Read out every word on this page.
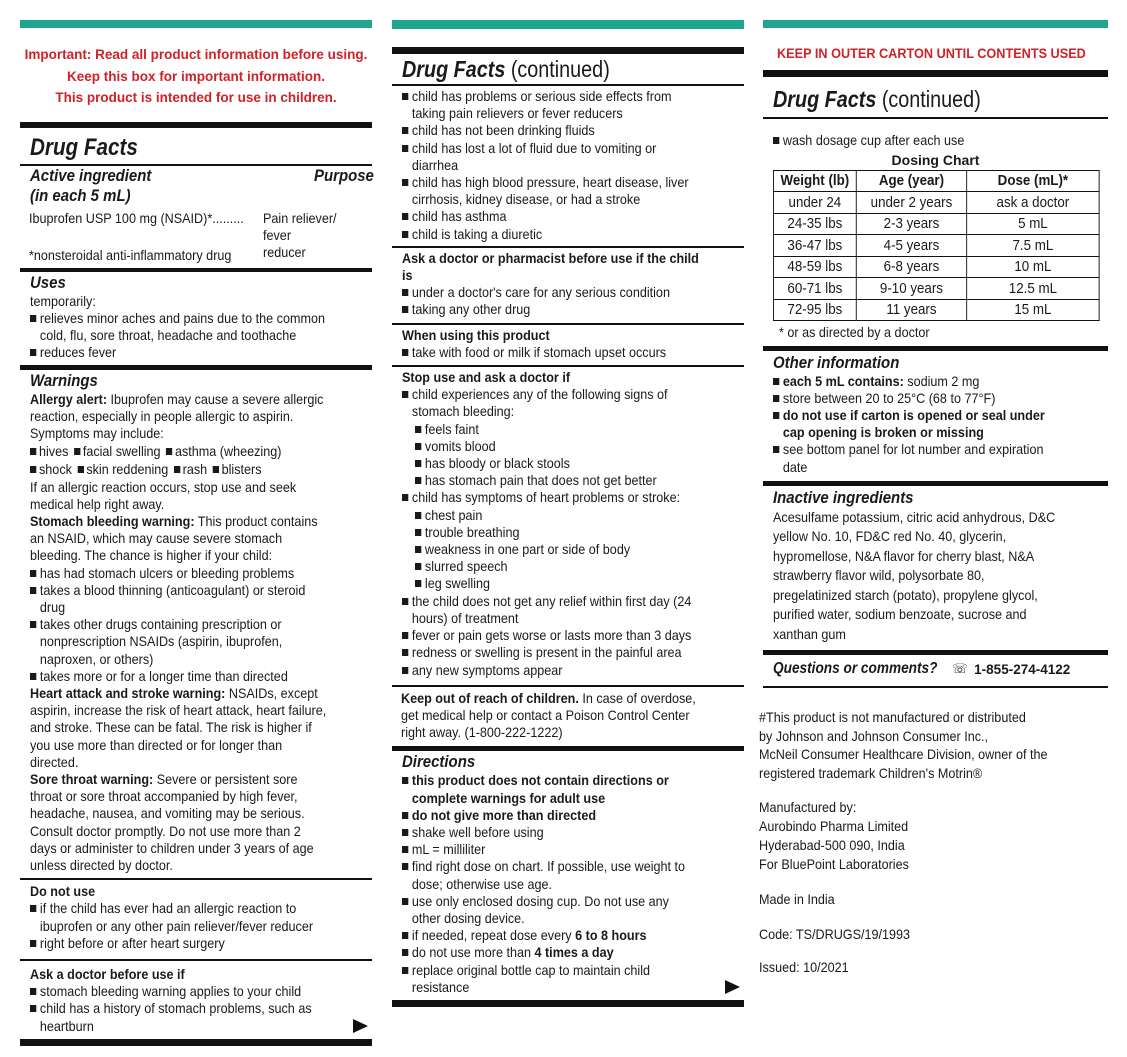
Important: Read all product information before using.
Keep this box for important information.
This product is intended for use in children.
Drug Facts
Active ingredient
(in each 5 mL)
Purpose
Ibuprofen USP 100 mg (NSAID)*......... Pain reliever/
fever reducer
*nonsteroidal anti-inflammatory drug
Uses
temporarily:
relieves minor aches and pains due to the common cold, flu, sore throat, headache and toothache
reduces fever
Warnings
Allergy alert: Ibuprofen may cause a severe allergic reaction, especially in people allergic to aspirin. Symptoms may include:
hives facial swelling asthma (wheezing)
shock skin reddening rash blisters
If an allergic reaction occurs, stop use and seek medical help right away.
Stomach bleeding warning: This product contains an NSAID, which may cause severe stomach bleeding. The chance is higher if your child:
has had stomach ulcers or bleeding problems
takes a blood thinning (anticoagulant) or steroid drug
takes other drugs containing prescription or nonprescription NSAIDs (aspirin, ibuprofen, naproxen, or others)
takes more or for a longer time than directed
Heart attack and stroke warning: NSAIDs, except aspirin, increase the risk of heart attack, heart failure, and stroke. These can be fatal. The risk is higher if you use more than directed or for longer than directed.
Sore throat warning: Severe or persistent sore throat or sore throat accompanied by high fever, headache, nausea, and vomiting may be serious. Consult doctor promptly. Do not use more than 2 days or administer to children under 3 years of age unless directed by doctor.
Do not use
if the child has ever had an allergic reaction to ibuprofen or any other pain reliever/fever reducer
right before or after heart surgery
Ask a doctor before use if
stomach bleeding warning applies to your child
child has a history of stomach problems, such as heartburn
Drug Facts (continued)
child has problems or serious side effects from taking pain relievers or fever reducers
child has not been drinking fluids
child has lost a lot of fluid due to vomiting or diarrhea
child has high blood pressure, heart disease, liver cirrhosis, kidney disease, or had a stroke
child has asthma
child is taking a diuretic
Ask a doctor or pharmacist before use if the child is
under a doctor's care for any serious condition
taking any other drug
When using this product
take with food or milk if stomach upset occurs
Stop use and ask a doctor if
child experiences any of the following signs of stomach bleeding:
feels faint
vomits blood
has bloody or black stools
has stomach pain that does not get better
child has symptoms of heart problems or stroke:
chest pain
trouble breathing
weakness in one part or side of body
slurred speech
leg swelling
the child does not get any relief within first day (24 hours) of treatment
fever or pain gets worse or lasts more than 3 days
redness or swelling is present in the painful area
any new symptoms appear
Keep out of reach of children. In case of overdose, get medical help or contact a Poison Control Center right away. (1-800-222-1222)
Directions
this product does not contain directions or complete warnings for adult use
do not give more than directed
shake well before using
mL = milliliter
find right dose on chart. If possible, use weight to dose; otherwise use age.
use only enclosed dosing cup. Do not use any other dosing device.
if needed, repeat dose every 6 to 8 hours
do not use more than 4 times a day
replace original bottle cap to maintain child resistance
KEEP IN OUTER CARTON UNTIL CONTENTS USED
Drug Facts (continued)
wash dosage cup after each use
Dosing Chart
Weight (lb)	Age (year)	Dose (mL)*
under 24	under 2 years	ask a doctor
24-35 lbs	2-3 years	5 mL
36-47 lbs	4-5 years	7.5 mL
48-59 lbs	6-8 years	10 mL
60-71 lbs	9-10 years	12.5 mL
72-95 lbs	11 years	15 mL
* or as directed by a doctor
Other information
each 5 mL contains: sodium 2 mg
store between 20 to 25°C (68 to 77°F)
do not use if carton is opened or seal under cap opening is broken or missing
see bottom panel for lot number and expiration date
Inactive ingredients
Acesulfame potassium, citric acid anhydrous, D&C yellow No. 10, FD&C red No. 40, glycerin, hypromellose, N&A flavor for cherry blast, N&A strawberry flavor wild, polysorbate 80, pregelatinized starch (potato), propylene glycol, purified water, sodium benzoate, sucrose and xanthan gum
Questions or comments? ☏ 1-855-274-4122
#This product is not manufactured or distributed
by Johnson and Johnson Consumer Inc.,
McNeil Consumer Healthcare Division, owner of the
registered trademark Children's Motrin®
Manufactured by:
Aurobindo Pharma Limited
Hyderabad-500 090, India
For BluePoint Laboratories
Made in India
Code: TS/DRUGS/19/1993
Issued: 10/2021
